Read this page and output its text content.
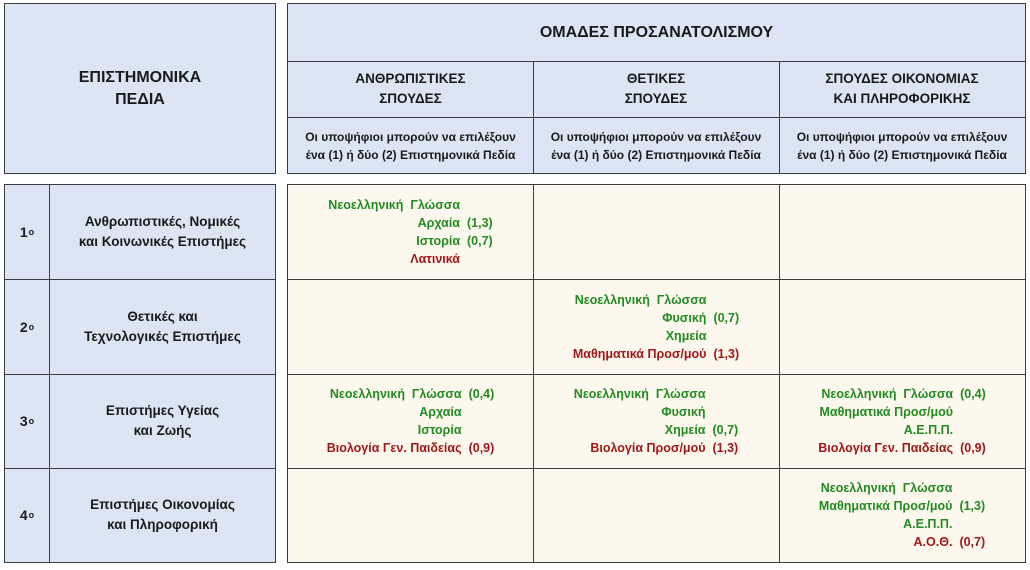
ΕΠΙΣΤΗΜΟΝΙΚΑ
ΠΕΔΙΑ
ΟΜΑΔΕΣ ΠΡΟΣΑΝΑΤΟΛΙΣΜΟΥ
ΑΝΘΡΩΠΙΣΤΙΚΕΣ
ΣΠΟΥΔΕΣ
ΘΕΤΙΚΕΣ
ΣΠΟΥΔΕΣ
ΣΠΟΥΔΕΣ ΟΙΚΟΝΟΜΙΑΣ
ΚΑΙ ΠΛΗΡΟΦΟΡΙΚΗΣ
Οι υποψήφιοι μπορούν να επιλέξουν
ένα (1) ή δύο (2) Επιστημονικά Πεδία
Οι υποψήφιοι μπορούν να επιλέξουν
ένα (1) ή δύο (2) Επιστημονικά Πεδία
Οι υποψήφιοι μπορούν να επιλέξουν
ένα (1) ή δύο (2) Επιστημονικά Πεδία
1 ο
Ανθρωπιστικές, Νομικές
και Κοινωνικές Επιστήμες
2 ο
Θετικές και
Τεχνολογικές Επιστήμες
3 ο
Επιστήμες Υγείας
και Ζωής
4 ο
Επιστήμες Οικονομίας
και Πληροφορική
Νεοελληνική  Γλώσσα
Αρχαία (1,3)
Ιστορία (0,7)
Λατινικά
Νεοελληνική  Γλώσσα
Φυσική (0,7)
Χημεία
Μαθηματικά Προσ/μού (1,3)
Νεοελληνική  Γλώσσα (0,4)
Αρχαία
Ιστορία
Βιολογία Γεν. Παιδείας (0,9)
Νεοελληνική  Γλώσσα
Φυσική
Χημεία (0,7)
Βιολογία Προσ/μού (1,3)
Νεοελληνική  Γλώσσα (0,4)
Μαθηματικά Προσ/μού
Α.Ε.Π.Π.
Βιολογία Γεν. Παιδείας (0,9)
Νεοελληνική  Γλώσσα
Μαθηματικά Προσ/μού (1,3)
Α.Ε.Π.Π.
Α.Ο.Θ. (0,7)
